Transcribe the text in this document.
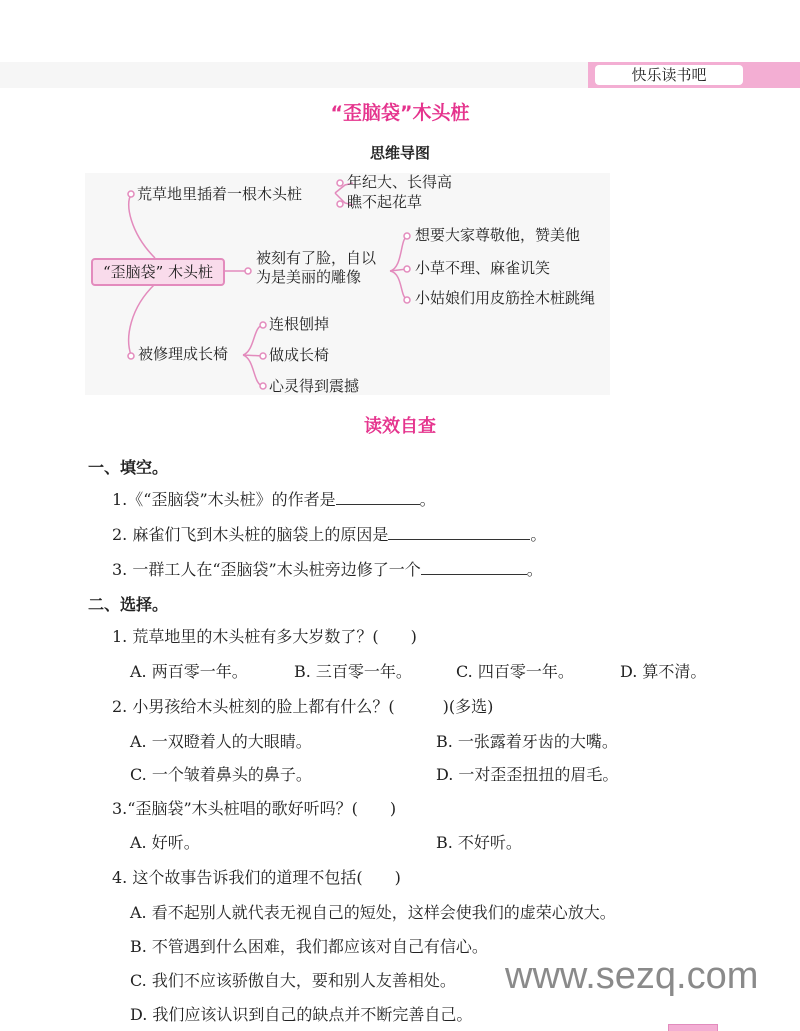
快乐读书吧
“歪脑袋”木头桩
思维导图
“歪脑袋” 木头桩
荒草地里插着一根木头桩
年纪大、长得高
瞧不起花草
被刻有了脸，自以
为是美丽的雕像
想要大家尊敬他，赞美他
小草不理、麻雀讥笑
小姑娘们用皮筋拴木桩跳绳
被修理成长椅
连根刨掉
做成长椅
心灵得到震撼
读效自查
一、填空。
1.《“歪脑袋”木头桩》的作者是	。
2. 麻雀们飞到木头桩的脑袋上的原因是	。
3. 一群工人在“歪脑袋”木头桩旁边修了一个	。
二、选择。
1. 荒草地里的木头桩有多大岁数了？(　　)
A. 两百零一年。	B. 三百零一年。	C. 四百零一年。	D. 算不清。
2. 小男孩给木头桩刻的脸上都有什么？(　　　)(多选)
A. 一双瞪着人的大眼睛。	B. 一张露着牙齿的大嘴。
C. 一个皱着鼻头的鼻子。	D. 一对歪歪扭扭的眉毛。
3.“歪脑袋”木头桩唱的歌好听吗？(　　)
A. 好听。	B. 不好听。
4. 这个故事告诉我们的道理不包括(　　)
A. 看不起别人就代表无视自己的短处，这样会使我们的虚荣心放大。
B. 不管遇到什么困难，我们都应该对自己有信心。
C. 我们不应该骄傲自大，要和别人友善相处。
D. 我们应该认识到自己的缺点并不断完善自己。
www.sezq.com
